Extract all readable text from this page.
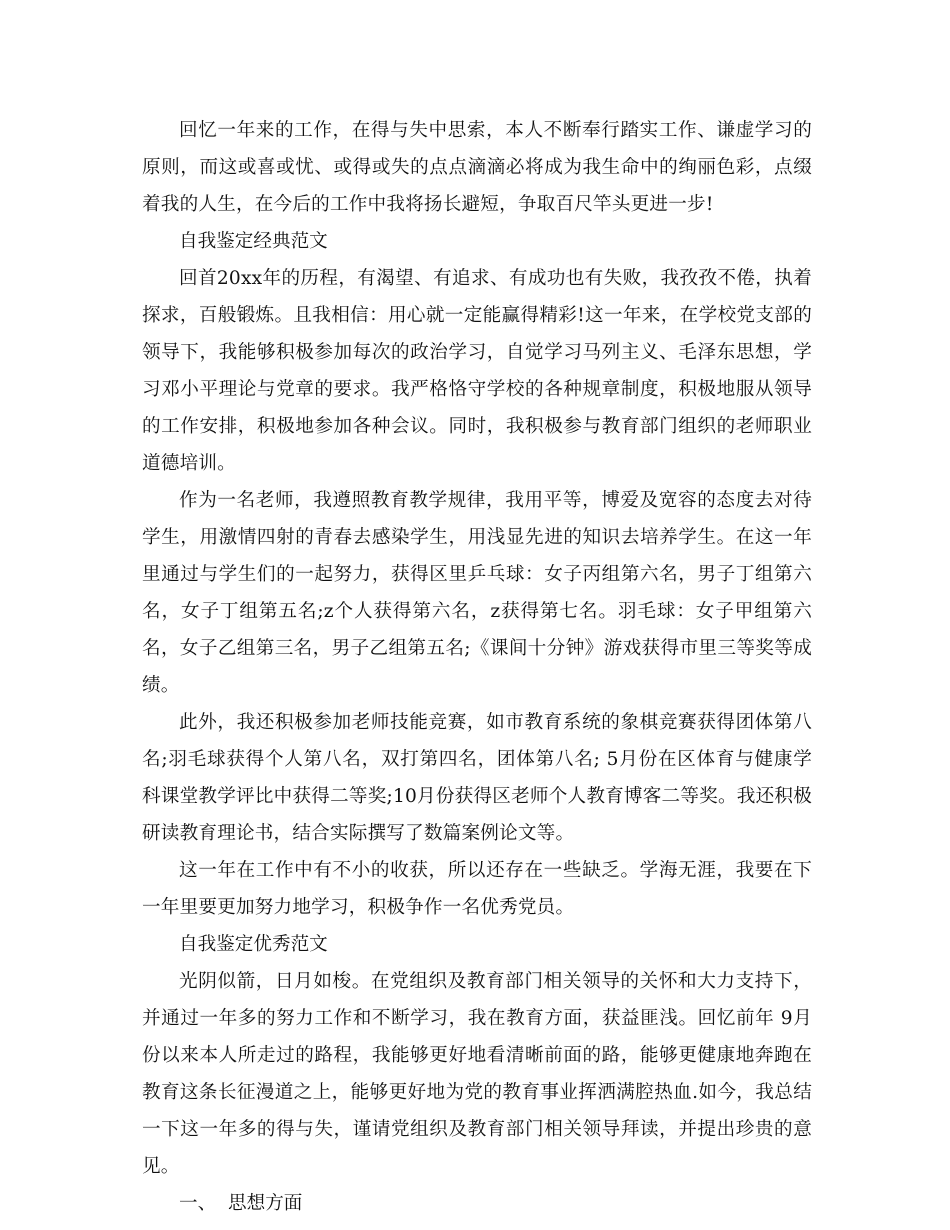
回忆一年来的工作，在得与失中思索，本人不断奉行踏实工作、谦虚学习的原则，而这或喜或忧、或得或失的点点滴滴必将成为我生命中的绚丽色彩，点缀着我的人生，在今后的工作中我将扬长避短，争取百尺竿头更进一步!

自我鉴定经典范文

回首20xx年的历程，有渴望、有追求、有成功也有失败，我孜孜不倦，执着探求，百般锻炼。且我相信：用心就一定能赢得精彩!这一年来，在学校党支部的领导下，我能够积极参加每次的政治学习，自觉学习马列主义、毛泽东思想，学习邓小平理论与党章的要求。我严格恪守学校的各种规章制度，积极地服从领导的工作安排，积极地参加各种会议。同时，我积极参与教育部门组织的老师职业道德培训。

作为一名老师，我遵照教育教学规律，我用平等，博爱及宽容的态度去对待学生，用激情四射的青春去感染学生，用浅显先进的知识去培养学生。在这一年里通过与学生们的一起努力，获得区里乒乓球：女子丙组第六名，男子丁组第六名，女子丁组第五名;z个人获得第六名，z获得第七名。羽毛球：女子甲组第六名，女子乙组第三名，男子乙组第五名;《课间十分钟》游戏获得市里三等奖等成绩。

此外，我还积极参加老师技能竞赛，如市教育系统的象棋竞赛获得团体第八名;羽毛球获得个人第八名，双打第四名，团体第八名; 5月份在区体育与健康学科课堂教学评比中获得二等奖;10月份获得区老师个人教育博客二等奖。我还积极研读教育理论书，结合实际撰写了数篇案例论文等。

这一年在工作中有不小的收获，所以还存在一些缺乏。学海无涯，我要在下一年里要更加努力地学习，积极争作一名优秀党员。

自我鉴定优秀范文

光阴似箭，日月如梭。在党组织及教育部门相关领导的关怀和大力支持下，并通过一年多的努力工作和不断学习，我在教育方面，获益匪浅。回忆前年 9月份以来本人所走过的路程，我能够更好地看清晰前面的路，能够更健康地奔跑在教育这条长征漫道之上，能够更好地为党的教育事业挥洒满腔热血.如今，我总结一下这一年多的得与失，谨请党组织及教育部门相关领导拜读，并提出珍贵的意见。

一、  思想方面
